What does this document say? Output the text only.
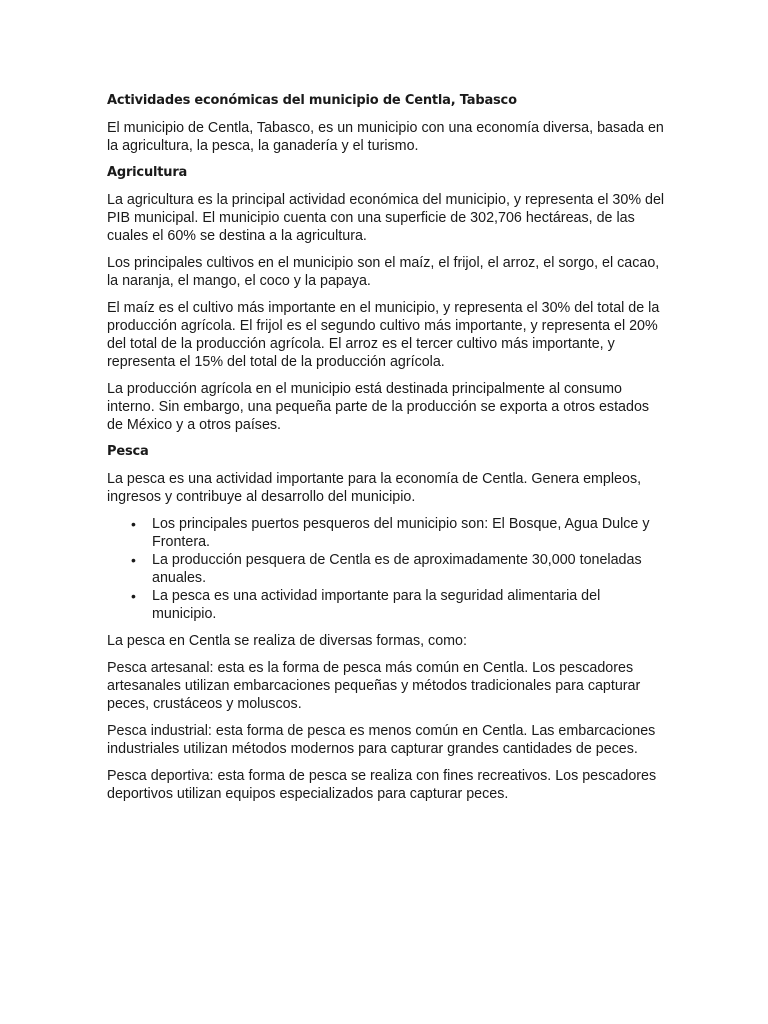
Actividades económicas del municipio de Centla, Tabasco

El municipio de Centla, Tabasco, es un municipio con una economía diversa, basada en la agricultura, la pesca, la ganadería y el turismo.

Agricultura

La agricultura es la principal actividad económica del municipio, y representa el 30% del PIB municipal. El municipio cuenta con una superficie de 302,706 hectáreas, de las cuales el 60% se destina a la agricultura.

Los principales cultivos en el municipio son el maíz, el frijol, el arroz, el sorgo, el cacao, la naranja, el mango, el coco y la papaya.

El maíz es el cultivo más importante en el municipio, y representa el 30% del total de la producción agrícola. El frijol es el segundo cultivo más importante, y representa el 20% del total de la producción agrícola. El arroz es el tercer cultivo más importante, y representa el 15% del total de la producción agrícola.

La producción agrícola en el municipio está destinada principalmente al consumo interno. Sin embargo, una pequeña parte de la producción se exporta a otros estados de México y a otros países.

Pesca

La pesca es una actividad importante para la economía de Centla. Genera empleos, ingresos y contribuye al desarrollo del municipio.

• Los principales puertos pesqueros del municipio son: El Bosque, Agua Dulce y Frontera.
• La producción pesquera de Centla es de aproximadamente 30,000 toneladas anuales.
• La pesca es una actividad importante para la seguridad alimentaria del municipio.

La pesca en Centla se realiza de diversas formas, como:

Pesca artesanal: esta es la forma de pesca más común en Centla. Los pescadores artesanales utilizan embarcaciones pequeñas y métodos tradicionales para capturar peces, crustáceos y moluscos.

Pesca industrial: esta forma de pesca es menos común en Centla. Las embarcaciones industriales utilizan métodos modernos para capturar grandes cantidades de peces.

Pesca deportiva: esta forma de pesca se realiza con fines recreativos. Los pescadores deportivos utilizan equipos especializados para capturar peces.
